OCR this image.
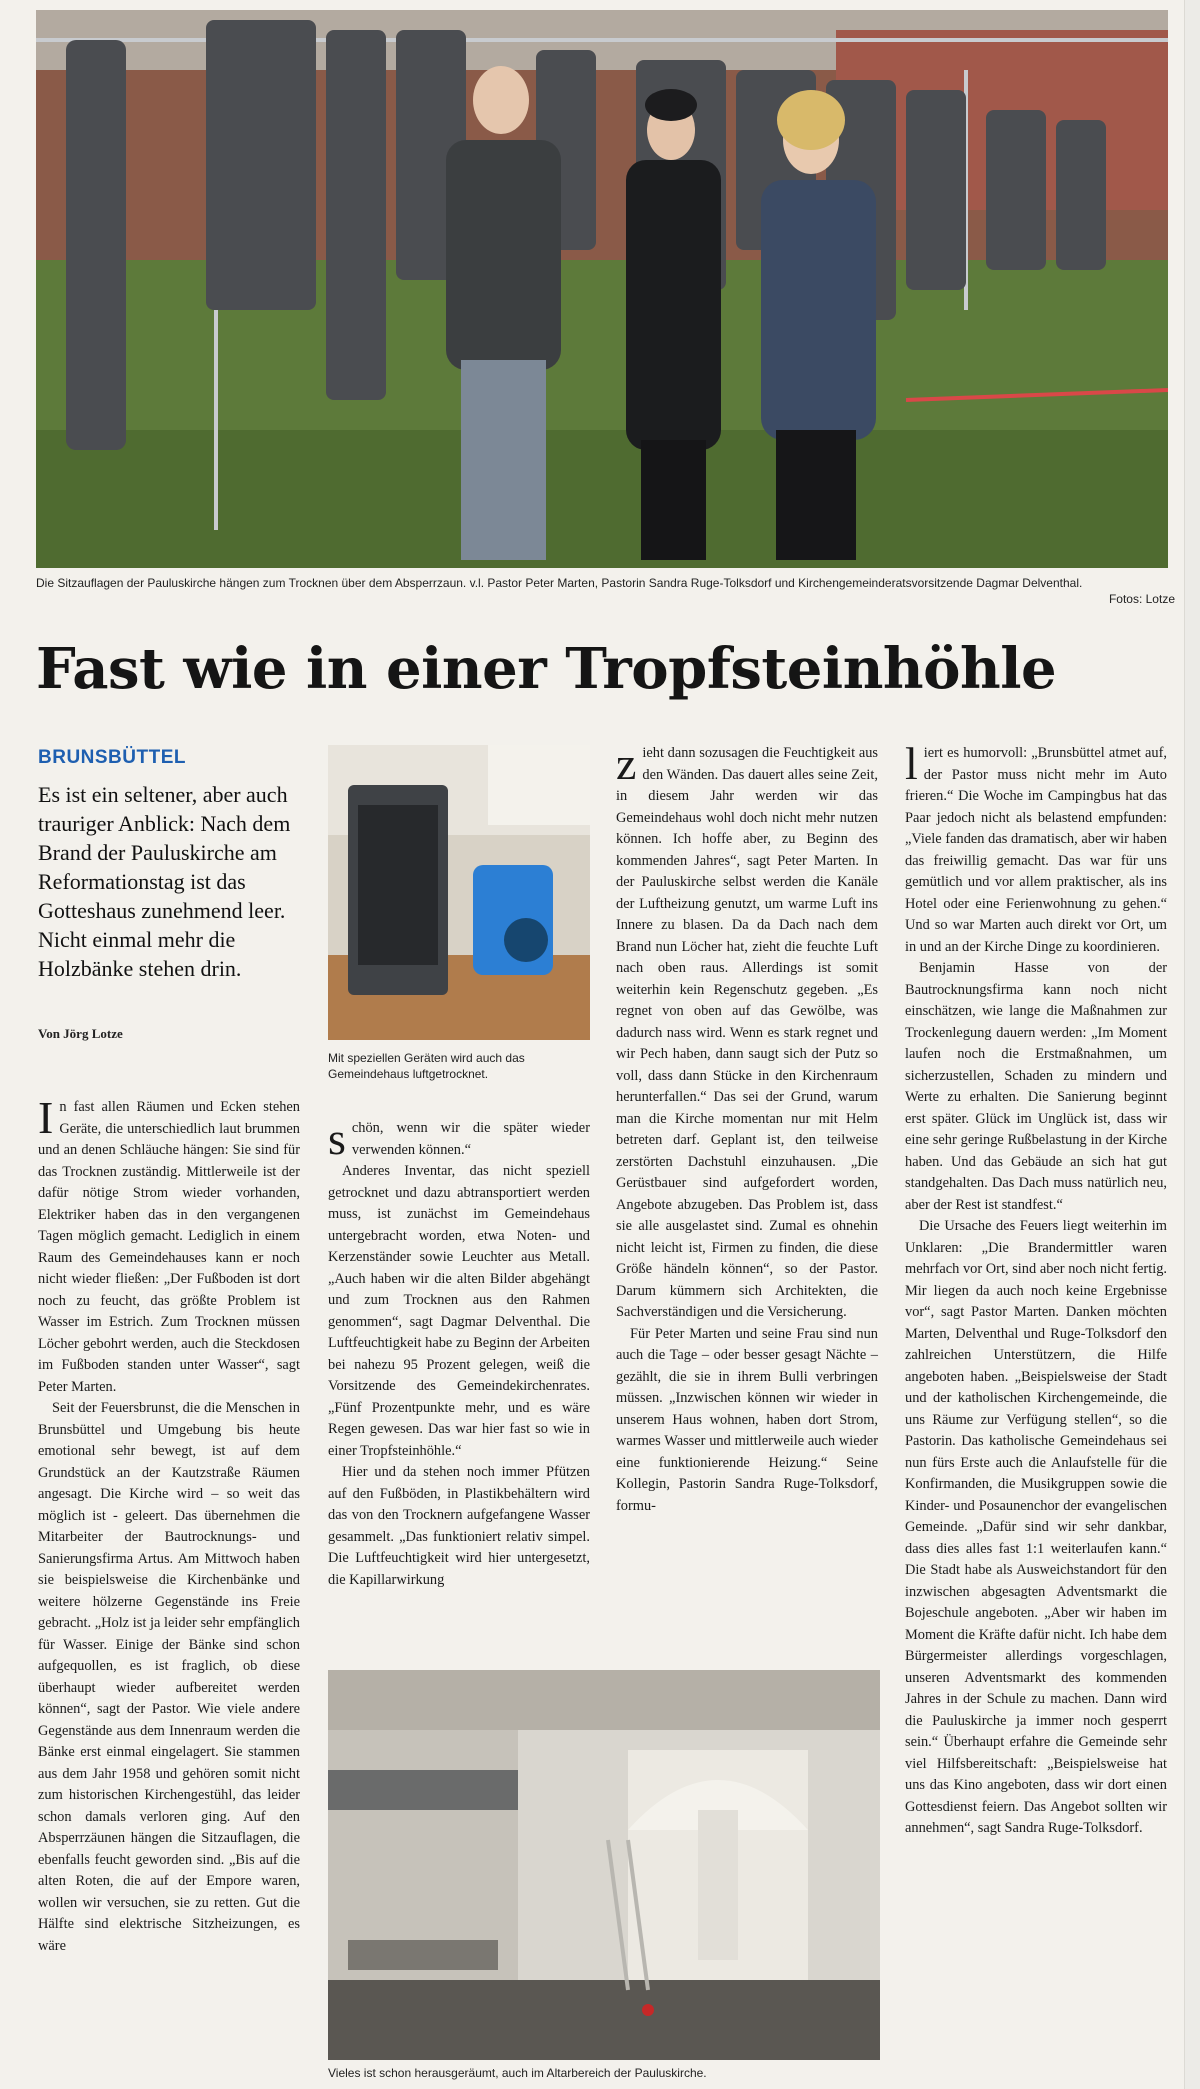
Die Sitzauflagen der Pauluskirche hängen zum Trocknen über dem Absperrzaun. v.l. Pastor Peter Marten, Pastorin Sandra Ruge-Tolksdorf und Kirchengemeinderatsvorsitzende Dagmar Delventhal.
Fotos: Lotze
Fast wie in einer Tropfsteinhöhle
BRUNSBÜTTEL
Es ist ein seltener, aber auch trauriger Anblick: Nach dem Brand der Pauluskirche am Reformationstag ist das Gotteshaus zunehmend leer. Nicht einmal mehr die Holzbänke stehen drin.
Von Jörg Lotze
Mit speziellen Geräten wird auch das Gemeindehaus luftgetrocknet.

In fast allen Räumen und Ecken stehen Geräte, die unterschiedlich laut brummen und an denen Schläuche hängen: Sie sind für das Trocknen zuständig. Mittlerweile ist der dafür nötige Strom wieder vorhanden, Elektriker haben das in den vergangenen Tagen möglich gemacht. Lediglich in einem Raum des Gemeindehauses kann er noch nicht wieder fließen: „Der Fußboden ist dort noch zu feucht, das größte Problem ist Wasser im Estrich. Zum Trocknen müssen Löcher gebohrt werden, auch die Steckdosen im Fußboden standen unter Wasser“, sagt Peter Marten.

Seit der Feuersbrunst, die die Menschen in Brunsbüttel und Umgebung bis heute emotional sehr bewegt, ist auf dem Grundstück an der Kautzstraße Räumen angesagt. Die Kirche wird – so weit das möglich ist - geleert. Das übernehmen die Mitarbeiter der Bautrocknungs- und Sanierungsfirma Artus. Am Mittwoch haben sie beispielsweise die Kirchenbänke und weitere hölzerne Gegenstände ins Freie gebracht. „Holz ist ja leider sehr empfänglich für Wasser. Einige der Bänke sind schon aufgequollen, es ist fraglich, ob diese überhaupt wieder aufbereitet werden können“, sagt der Pastor. Wie viele andere Gegenstände aus dem Innenraum werden die Bänke erst einmal eingelagert. Sie stammen aus dem Jahr 1958 und gehören somit nicht zum historischen Kirchengestühl, das leider schon damals verloren ging. Auf den Absperrzäunen hängen die Sitzauflagen, die ebenfalls feucht geworden sind. „Bis auf die alten Roten, die auf der Empore waren, wollen wir versuchen, sie zu retten. Gut die Hälfte sind elektrische Sitzheizungen, es wäre

schön, wenn wir die später wieder verwenden können.“

Anderes Inventar, das nicht speziell getrocknet und dazu abtransportiert werden muss, ist zunächst im Gemeindehaus untergebracht worden, etwa Noten- und Kerzenständer sowie Leuchter aus Metall. „Auch haben wir die alten Bilder abgehängt und zum Trocknen aus den Rahmen genommen“, sagt Dagmar Delventhal. Die Luftfeuchtigkeit habe zu Beginn der Arbeiten bei nahezu 95 Prozent gelegen, weiß die Vorsitzende des Gemeindekirchenrates. „Fünf Prozentpunkte mehr, und es wäre Regen gewesen. Das war hier fast so wie in einer Tropfsteinhöhle.“

Hier und da stehen noch immer Pfützen auf den Fußböden, in Plastikbehältern wird das von den Trocknern aufgefangene Wasser gesammelt. „Das funktioniert relativ simpel. Die Luftfeuchtigkeit wird hier untergesetzt, die Kapillarwirkung

zieht dann sozusagen die Feuchtigkeit aus den Wänden. Das dauert alles seine Zeit, in diesem Jahr werden wir das Gemeindehaus wohl doch nicht mehr nutzen können. Ich hoffe aber, zu Beginn des kommenden Jahres“, sagt Peter Marten. In der Pauluskirche selbst werden die Kanäle der Luftheizung genutzt, um warme Luft ins Innere zu blasen. Da da Dach nach dem Brand nun Löcher hat, zieht die feuchte Luft nach oben raus. Allerdings ist somit weiterhin kein Regenschutz gegeben. „Es regnet von oben auf das Gewölbe, was dadurch nass wird. Wenn es stark regnet und wir Pech haben, dann saugt sich der Putz so voll, dass dann Stücke in den Kirchenraum herunterfallen.“ Das sei der Grund, warum man die Kirche momentan nur mit Helm betreten darf. Geplant ist, den teilweise zerstörten Dachstuhl einzuhausen. „Die Gerüstbauer sind aufgefordert worden, Angebote abzugeben. Das Problem ist, dass sie alle ausgelastet sind. Zumal es ohnehin nicht leicht ist, Firmen zu finden, die diese Größe händeln können“, so der Pastor. Darum kümmern sich Architekten, die Sachverständigen und die Versicherung.

Für Peter Marten und seine Frau sind nun auch die Tage – oder besser gesagt Nächte – gezählt, die sie in ihrem Bulli verbringen müssen. „Inzwischen können wir wieder in unserem Haus wohnen, haben dort Strom, warmes Wasser und mittlerweile auch wieder eine funktionierende Heizung.“ Seine Kollegin, Pastorin Sandra Ruge-Tolksdorf, formu-

Vieles ist schon herausgeräumt, auch im Altarbereich der Pauluskirche.

liert es humorvoll: „Brunsbüttel atmet auf, der Pastor muss nicht mehr im Auto frieren.“ Die Woche im Campingbus hat das Paar jedoch nicht als belastend empfunden: „Viele fanden das dramatisch, aber wir haben das freiwillig gemacht. Das war für uns gemütlich und vor allem praktischer, als ins Hotel oder eine Ferienwohnung zu gehen.“ Und so war Marten auch direkt vor Ort, um in und an der Kirche Dinge zu koordinieren.

Benjamin Hasse von der Bautrocknungsfirma kann noch nicht einschätzen, wie lange die Maßnahmen zur Trockenlegung dauern werden: „Im Moment laufen noch die Erstmaßnahmen, um sicherzustellen, Schaden zu mindern und Werte zu erhalten. Die Sanierung beginnt erst später. Glück im Unglück ist, dass wir eine sehr geringe Rußbelastung in der Kirche haben. Und das Gebäude an sich hat gut standgehalten. Das Dach muss natürlich neu, aber der Rest ist standfest.“

Die Ursache des Feuers liegt weiterhin im Unklaren: „Die Brandermittler waren mehrfach vor Ort, sind aber noch nicht fertig. Mir liegen da auch noch keine Ergebnisse vor“, sagt Pastor Marten. Danken möchten Marten, Delventhal und Ruge-Tolksdorf den zahlreichen Unterstützern, die Hilfe angeboten haben. „Beispielsweise der Stadt und der katholischen Kirchengemeinde, die uns Räume zur Verfügung stellen“, so die Pastorin. Das katholische Gemeindehaus sei nun fürs Erste auch die Anlaufstelle für die Konfirmanden, die Musikgruppen sowie die Kinder- und Posaunenchor der evangelischen Gemeinde. „Dafür sind wir sehr dankbar, dass dies alles fast 1:1 weiterlaufen kann.“ Die Stadt habe als Ausweichstandort für den inzwischen abgesagten Adventsmarkt die Bojeschule angeboten. „Aber wir haben im Moment die Kräfte dafür nicht. Ich habe dem Bürgermeister allerdings vorgeschlagen, unseren Adventsmarkt des kommenden Jahres in der Schule zu machen. Dann wird die Pauluskirche ja immer noch gesperrt sein.“ Überhaupt erfahre die Gemeinde sehr viel Hilfsbereitschaft: „Beispielsweise hat uns das Kino angeboten, dass wir dort einen Gottesdienst feiern. Das Angebot sollten wir annehmen“, sagt Sandra Ruge-Tolksdorf.
